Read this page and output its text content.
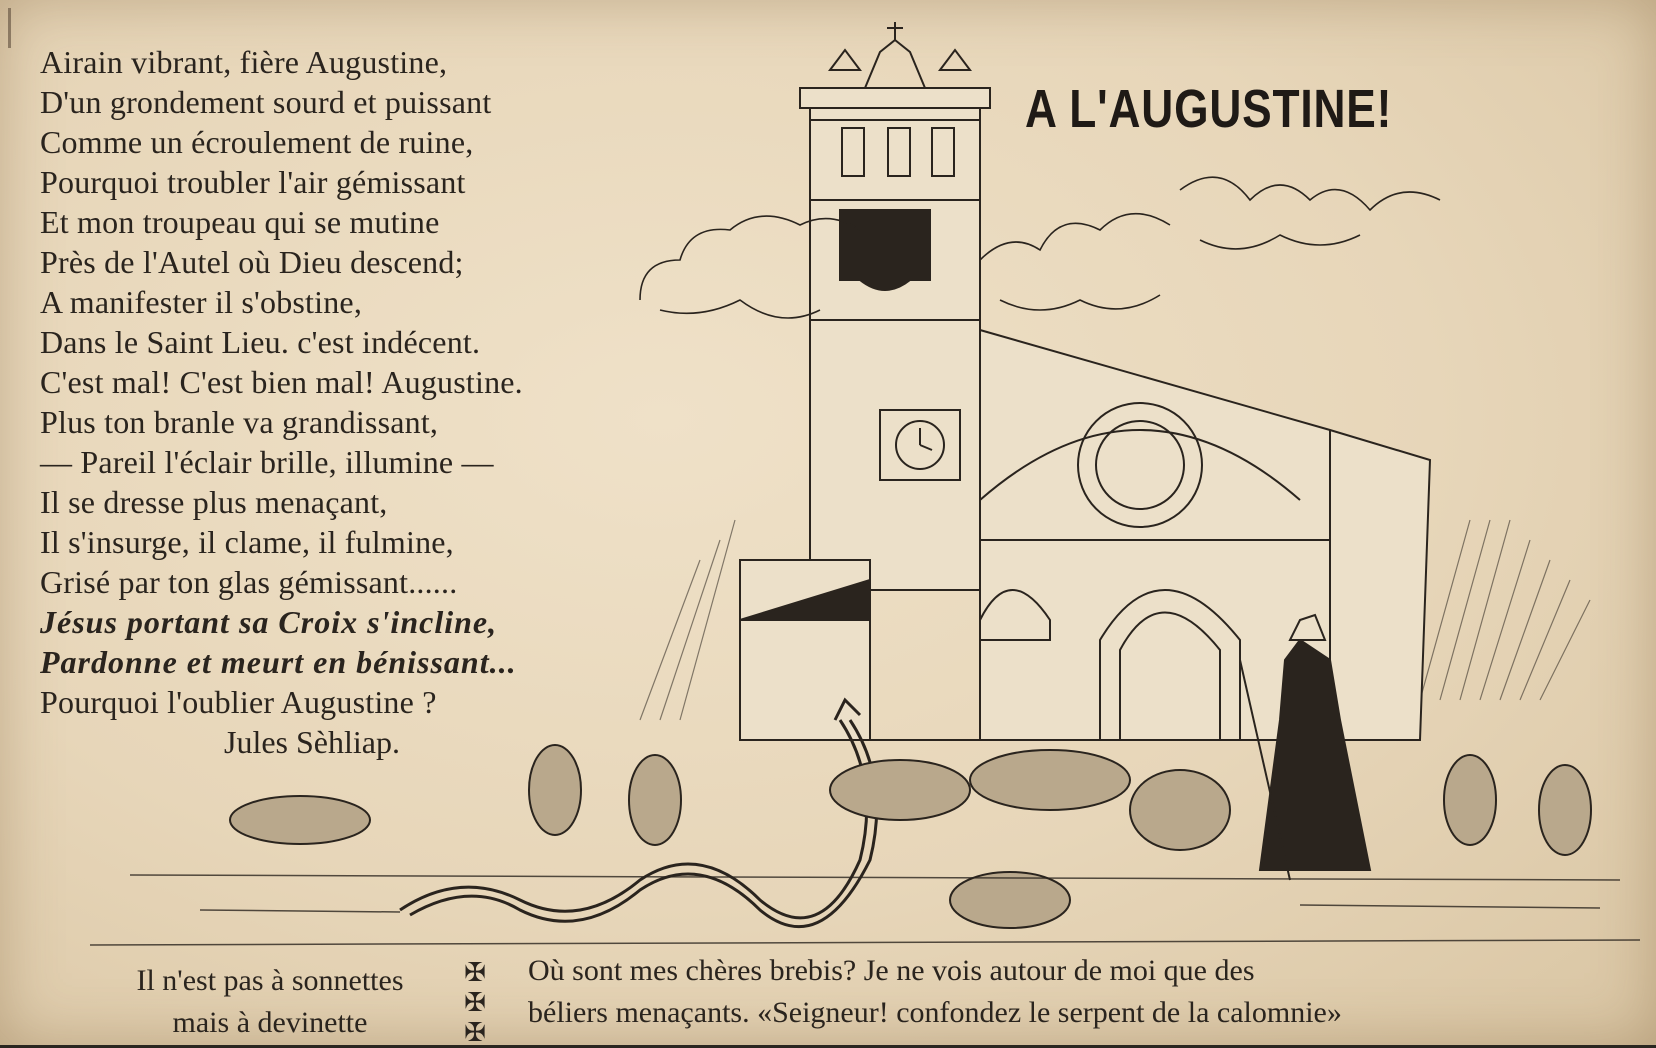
Airain vibrant, fière Augustine,
D'un grondement sourd et puissant
Comme un écroulement de ruine,
Pourquoi troubler l'air gémissant
Et mon troupeau qui se mutine
Près de l'Autel où Dieu descend;
A manifester il s'obstine,
Dans le Saint Lieu. c'est indécent.
C'est mal! C'est bien mal! Augustine.
Plus ton branle va grandissant,
— Pareil l'éclair brille, illumine —
Il se dresse plus menaçant,
Il s'insurge, il clame, il fulmine,
Grisé par ton glas gémissant......
Jésus portant sa Croix s'incline,
Pardonne et meurt en bénissant...
Pourquoi l'oublier Augustine ?
Jules Sèhliap.
A L'AUGUSTINE!
Il n'est pas à sonnettes
mais à devinette
✠
✠
✠
Où sont mes chères brebis? Je ne vois autour de moi que des
béliers menaçants. «Seigneur! confondez le serpent de la calomnie»
